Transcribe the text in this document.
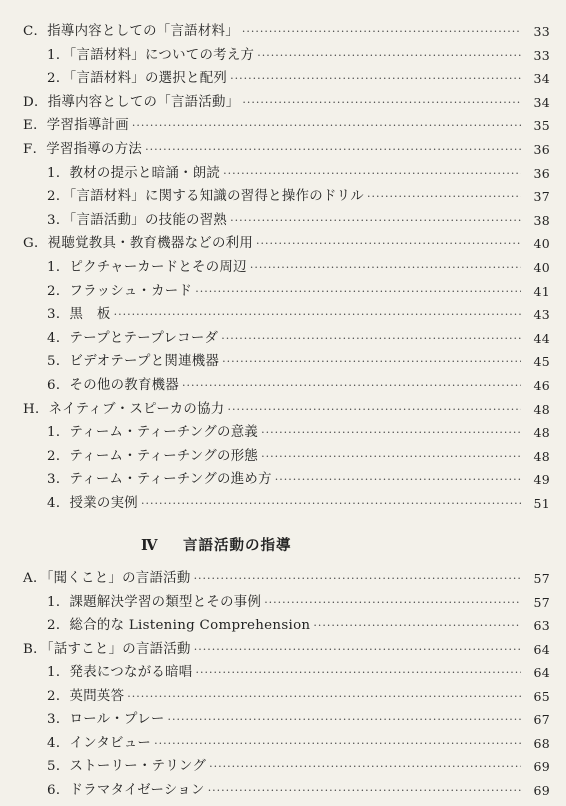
C．指導内容としての「言語材料」 ·····	33
1．「言語材料」についての考え方 ·····	33
2．「言語材料」の選択と配列 ·····	34
D．指導内容としての「言語活動」 ·····	34
E．学習指導計画 ·····	35
F．学習指導の方法 ·····	36
1．教材の提示と暗誦・朗読 ·····	36
2．「言語材料」に関する知識の習得と操作のドリル ·····	37
3．「言語活動」の技能の習熟 ·····	38
G．視聴覚教具・教育機器などの利用 ·····	40
1．ピクチャーカードとその周辺 ·····	40
2．フラッシュ・カード ·····	41
3．黒　板 ·····	43
4．テープとテープレコーダ ·····	44
5．ビデオテープと関連機器 ·····	45
6．その他の教育機器 ·····	46
H．ネイティブ・スピーカの協力 ·····	48
1．ティーム・ティーチングの意義 ·····	48
2．ティーム・ティーチングの形態 ·····	48
3．ティーム・ティーチングの進め方 ·····	49
4．授業の実例 ·····	51
A．「聞くこと」の言語活動 ·····	57
1．課題解決学習の類型とその事例 ·····	57
2．総合的な Listening Comprehension ·····	63
B．「話すこと」の言語活動 ·····	64
1．発表につながる暗唱 ·····	64
2．英問英答 ·····	65
3．ロール・プレー ·····	67
4．インタビュー ·····	68
5．ストーリー・テリング ·····	69
6．ドラマタイゼーション ·····	69
Ⅳ 言語活動の指導
